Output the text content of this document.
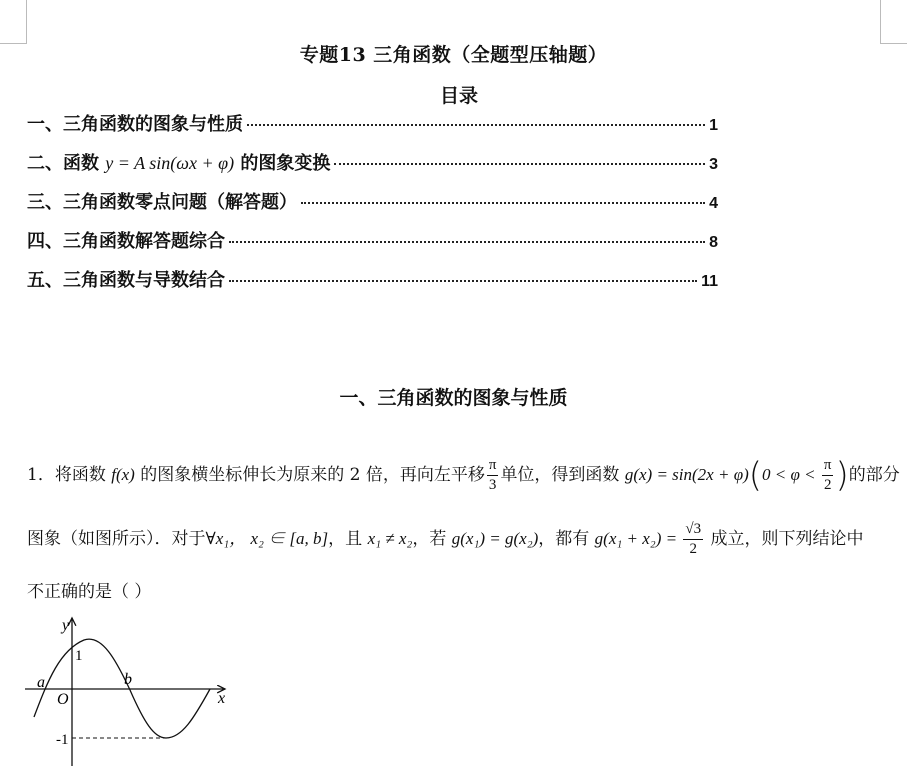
专题13 三角函数（全题型压轴题）
目录
一、三角函数的图象与性质	1
二、函数 y = A sin(ωx + φ) 的图象变换	3
三、三角函数零点问题（解答题）	4
四、三角函数解答题综合	8
五、三角函数与导数结合	11
一、三角函数的图象与性质
1．将函数 f(x) 的图象横坐标伸长为原来的 2 倍，再向左平移 $\frac{\pi}{3}$ 单位，得到函数 $g(x) = \sin(2x + \varphi)(0 < \varphi < \frac{\pi}{2}$ )的部分
图象（如图所示）．对于∀x₁， x₂ ∈ [a, b]，且 x₁ ≠ x₂，若 g(x₁) = g(x₂)，都有 $g(x_1 + x_2) = \frac{√3}{2}$ 成立，则下列结论中
不正确的是（ ）
y
x
O
a	b
1
-1
